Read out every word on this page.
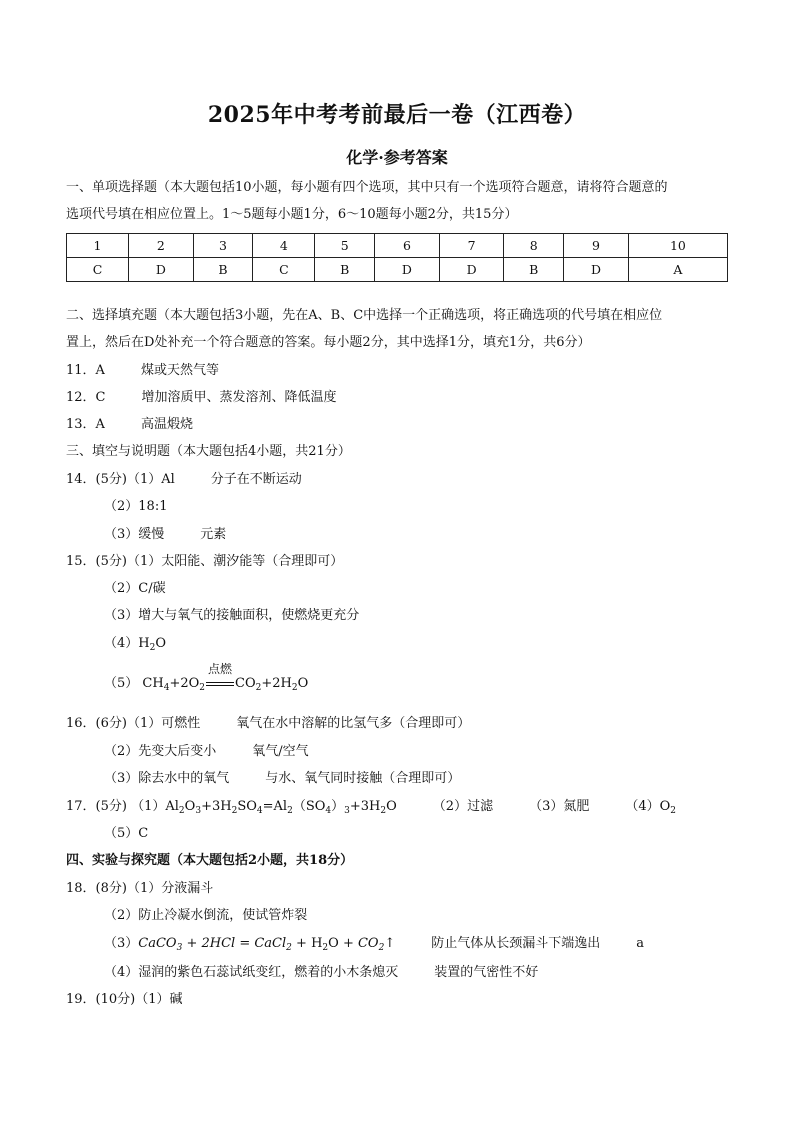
2025年中考考前最后一卷（江西卷）
化学·参考答案
一、单项选择题（本大题包括10小题，每小题有四个选项，其中只有一个选项符合题意，请将符合题意的
选项代号填在相应位置上。1～5题每小题1分，6～10题每小题2分，共15分）
1	2	3	4	5	6	7	8	9	10
C	D	B	C	B	D	D	B	D	A
二、选择填充题（本大题包括3小题，先在A、B、C中选择一个正确选项，将正确选项的代号填在相应位
置上，然后在D处补充一个符合题意的答案。每小题2分，其中选择1分，填充1分，共6分）
11．A	煤或天然气等
12．C	增加溶质甲、蒸发溶剂、降低温度
13．A	高温煅烧
三、填空与说明题（本大题包括4小题，共21分）
14．(5分)（1）Al	分子在不断运动
（2）18:1
（3）缓慢	元素
15．(5分)（1）太阳能、潮汐能等（合理即可）
（2）C/碳
（3）增大与氧气的接触面积，使燃烧更充分
$(4)H_2O$
（5） $CH_4+2O_2$
点燃
$CO_2+2H_2O$
16．(6分)（1）可燃性	氧气在水中溶解的比氢气多（合理即可）
（2）先变大后变小	氧气/空气
（3）除去水中的氧气	与水、氧气同时接触（合理即可）
17．(5分) $(1)Al_2O_3+3H_2SO_4=Al_2(SO_4)_3+3H_2O$	（2）过滤	（3）氮肥	$(4)O_2$
（5）C
四、实验与探究题（本大题包括2小题，共18分）
18．(8分)（1）分液漏斗
（2）防止冷凝水倒流，使试管炸裂
（3）CaCO$_3$ + 2HCl = CaCl$_2$ + $H_2O$ + $CO_2↑$	防止气体从长颈漏斗下端逸出	a
（4）湿润的紫色石蕊试纸变红，燃着的小木条熄灭	装置的气密性不好
19．(10分)（1）碱
